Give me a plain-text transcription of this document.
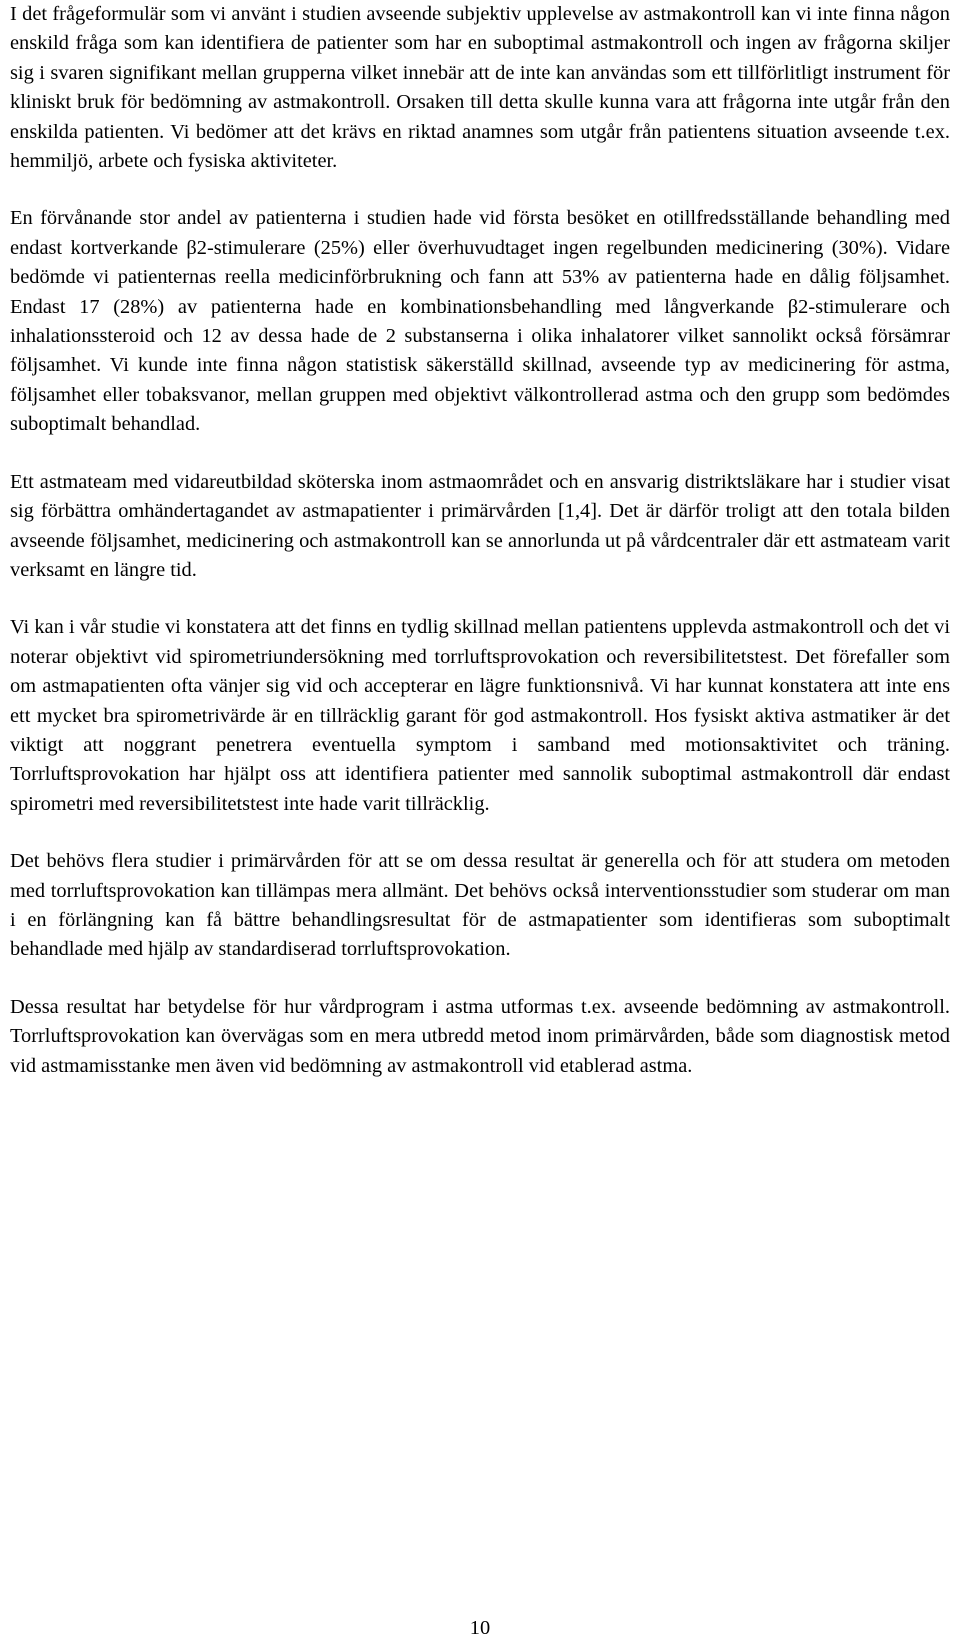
I det frågeformulär som vi använt i studien avseende subjektiv upplevelse av astmakontroll kan vi inte finna någon enskild fråga som kan identifiera de patienter som har en suboptimal astmakontroll och ingen av frågorna skiljer sig i svaren signifikant mellan grupperna vilket innebär att de inte kan användas som ett tillförlitligt instrument för kliniskt bruk för bedömning av astmakontroll. Orsaken till detta skulle kunna vara att frågorna inte utgår från den enskilda patienten. Vi bedömer att det krävs en riktad anamnes som utgår från patientens situation avseende t.ex. hemmiljö, arbete och fysiska aktiviteter.

En förvånande stor andel av patienterna i studien hade vid första besöket en otillfredsställande behandling med endast kortverkande β2-stimulerare (25%) eller överhuvudtaget ingen regelbunden medicinering (30%). Vidare bedömde vi patienternas reella medicinförbrukning och fann att 53% av patienterna hade en dålig följsamhet. Endast 17 (28%) av patienterna hade en kombinationsbehandling med långverkande β2-stimulerare och inhalationssteroid och 12 av dessa hade de 2 substanserna i olika inhalatorer vilket sannolikt också försämrar följsamhet. Vi kunde inte finna någon statistisk säkerställd skillnad, avseende typ av medicinering för astma, följsamhet eller tobaksvanor, mellan gruppen med objektivt välkontrollerad astma och den grupp som bedömdes suboptimalt behandlad.

Ett astmateam med vidareutbildad sköterska inom astmaområdet och en ansvarig distriktsläkare har i studier visat sig förbättra omhändertagandet av astmapatienter i primärvården [1,4]. Det är därför troligt att den totala bilden avseende följsamhet, medicinering och astmakontroll kan se annorlunda ut på vårdcentraler där ett astmateam varit verksamt en längre tid.

Vi kan i vår studie vi konstatera att det finns en tydlig skillnad mellan patientens upplevda astmakontroll och det vi noterar objektivt vid spirometriundersökning med torrluftsprovokation och reversibilitetstest. Det förefaller som om astmapatienten ofta vänjer sig vid och accepterar en lägre funktionsnivå. Vi har kunnat konstatera att inte ens ett mycket bra spirometrivärde är en tillräcklig garant för god astmakontroll. Hos fysiskt aktiva astmatiker är det viktigt att noggrant penetrera eventuella symptom i samband med motionsaktivitet och träning. Torrluftsprovokation har hjälpt oss att identifiera patienter med sannolik suboptimal astmakontroll där endast spirometri med reversibilitetstest inte hade varit tillräcklig.

Det behövs flera studier i primärvården för att se om dessa resultat är generella och för att studera om metoden med torrluftsprovokation kan tillämpas mera allmänt. Det behövs också interventionsstudier som studerar om man i en förlängning kan få bättre behandlingsresultat för de astmapatienter som identifieras som suboptimalt behandlade med hjälp av standardiserad torrluftsprovokation.

Dessa resultat har betydelse för hur vårdprogram i astma utformas t.ex. avseende bedömning av astmakontroll. Torrluftsprovokation kan övervägas som en mera utbredd metod inom primärvården, både som diagnostisk metod vid astmamisstanke men även vid bedömning av astmakontroll vid etablerad astma.

10
